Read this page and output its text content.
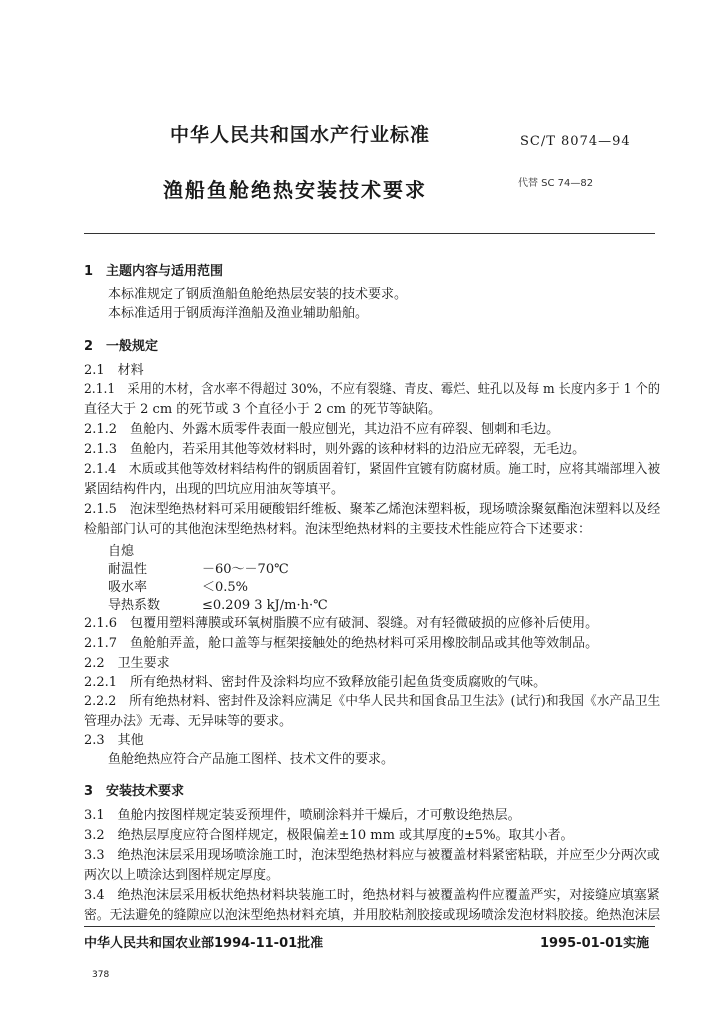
中华人民共和国水产行业标准	SC/T 8074—94
渔船鱼舱绝热安装技术要求	代替 SC 74—82
1　主题内容与适用范围
本标准规定了钢质渔船鱼舱绝热层安装的技术要求。
本标准适用于钢质海洋渔船及渔业辅助船舶。
2　一般规定
2.1　材料
2.1.1　采用的木材，含水率不得超过 30%，不应有裂缝、青皮、霉烂、蛀孔以及每 m 长度内多于 1 个的
直径大于 2 cm 的死节或 3 个直径小于 2 cm 的死节等缺陷。
2.1.2　鱼舱内、外露木质零件表面一般应刨光，其边沿不应有碎裂、刨刺和毛边。
2.1.3　鱼舱内，若采用其他等效材料时，则外露的该种材料的边沿应无碎裂，无毛边。
2.1.4　木质或其他等效材料结构件的钢质固着钉，紧固件宜镀有防腐材质。施工时，应将其端部埋入被
紧固结构件内，出现的凹坑应用油灰等填平。
2.1.5　泡沫型绝热材料可采用硬酸铝纤维板、聚苯乙烯泡沫塑料板，现场喷涂聚氨酯泡沫塑料以及经
检船部门认可的其他泡沫型绝热材料。泡沫型绝热材料的主要技术性能应符合下述要求：
自熄
耐温性	－60～－70℃
吸水率	＜0.5%
导热系数	≤0.209 3 kJ/m·h·℃
2.1.6　包覆用塑料薄膜或环氧树脂膜不应有破洞、裂缝。对有轻微破损的应修补后使用。
2.1.7　鱼舱舶弄盖，舱口盖等与框架接触处的绝热材料可采用橡胶制品或其他等效制品。
2.2　卫生要求
2.2.1　所有绝热材料、密封件及涂料均应不致释放能引起鱼货变质腐败的气味。
2.2.2　所有绝热材料、密封件及涂料应满足《中华人民共和国食品卫生法》(试行)和我国《水产品卫生
管理办法》无毒、无异味等的要求。
2.3　其他
鱼舱绝热应符合产品施工图样、技术文件的要求。
3　安装技术要求
3.1　鱼舱内按图样规定装妥预埋件，喷刷涂料并干燥后，才可敷设绝热层。
3.2　绝热层厚度应符合图样规定，极限偏差±10 mm 或其厚度的±5%。取其小者。
3.3　绝热泡沫层采用现场喷涂施工时，泡沫型绝热材料应与被覆盖材料紧密粘联，并应至少分两次或
两次以上喷涂达到图样规定厚度。
3.4　绝热泡沫层采用板状绝热材料块装施工时，绝热材料与被覆盖构件应覆盖严实，对接缝应填塞紧
密。无法避免的缝隙应以泡沫型绝热材料充填，并用胶粘剂胶接或现场喷涂发泡材料胶接。绝热泡沫层
中华人民共和国农业部1994-11-01批准	1995-01-01实施
378
